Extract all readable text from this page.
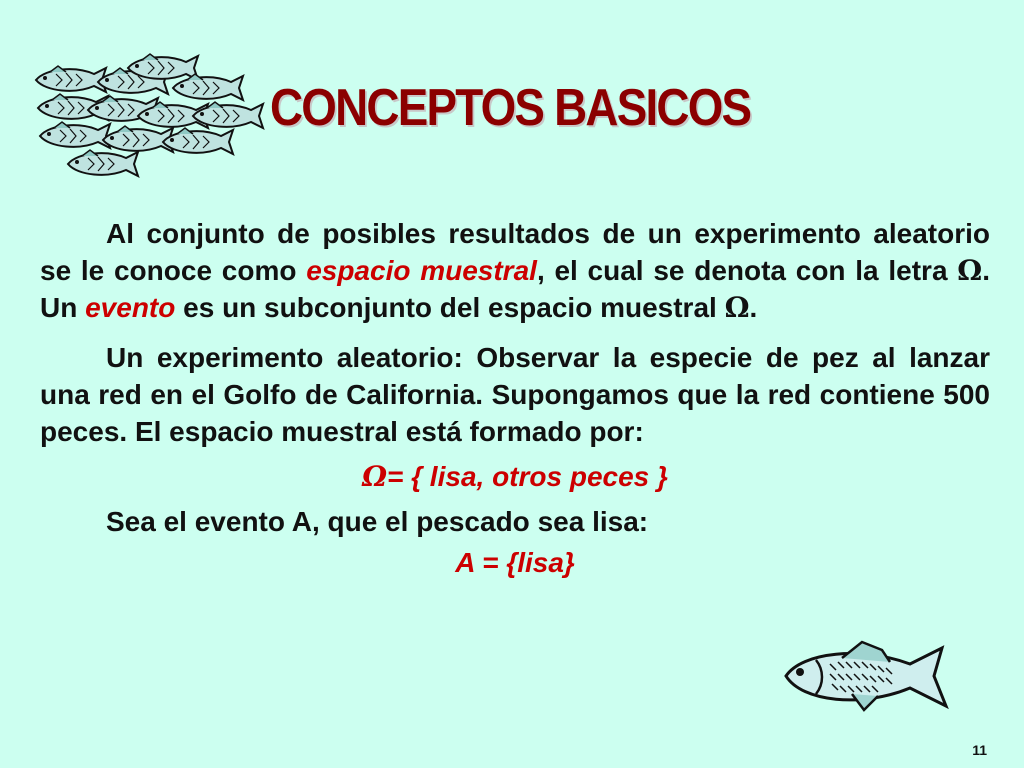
CONCEPTOS BASICOS

Al conjunto de posibles resultados de un experimento aleatorio se le conoce como espacio muestral, el cual se denota con la letra Ω. Un evento es un subconjunto del espacio muestral Ω.

Un experimento aleatorio: Observar la especie de pez al lanzar una red en el Golfo de California. Supongamos que la red contiene 500 peces. El espacio muestral está formado por:

Ω= { lisa, otros peces }
Sea el evento A, que el pescado sea lisa:
A = {lisa}
11
